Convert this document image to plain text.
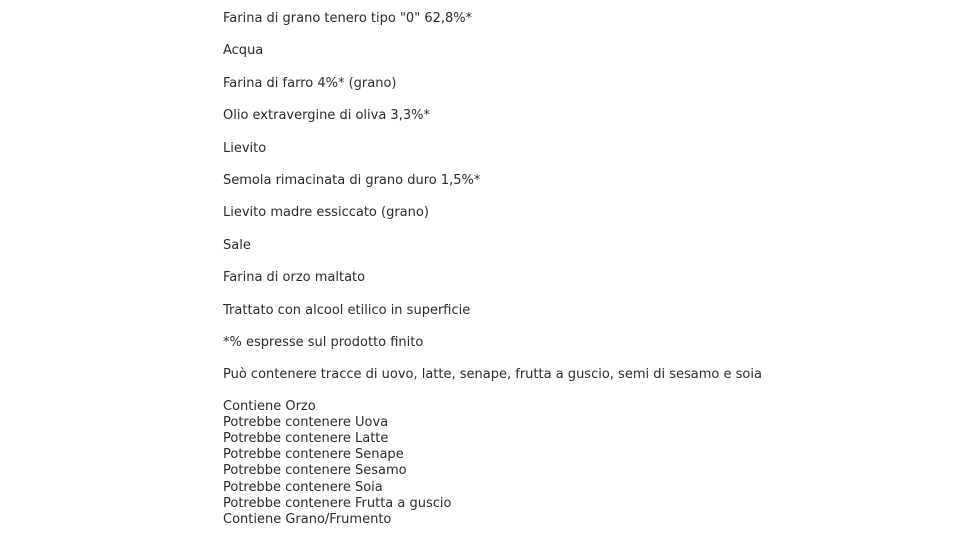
Farina di grano tenero tipo "0" 62,8%*
Acqua
Farina di farro 4%* (grano)
Olio extravergine di oliva 3,3%*
Lievito
Semola rimacinata di grano duro 1,5%*
Lievito madre essiccato (grano)
Sale
Farina di orzo maltato
Trattato con alcool etilico in superficie
*% espresse sul prodotto finito
Può contenere tracce di uovo, latte, senape, frutta a guscio, semi di sesamo e soia
Contiene Orzo
Potrebbe contenere Uova
Potrebbe contenere Latte
Potrebbe contenere Senape
Potrebbe contenere Sesamo
Potrebbe contenere Soia
Potrebbe contenere Frutta a guscio
Contiene Grano/Frumento
